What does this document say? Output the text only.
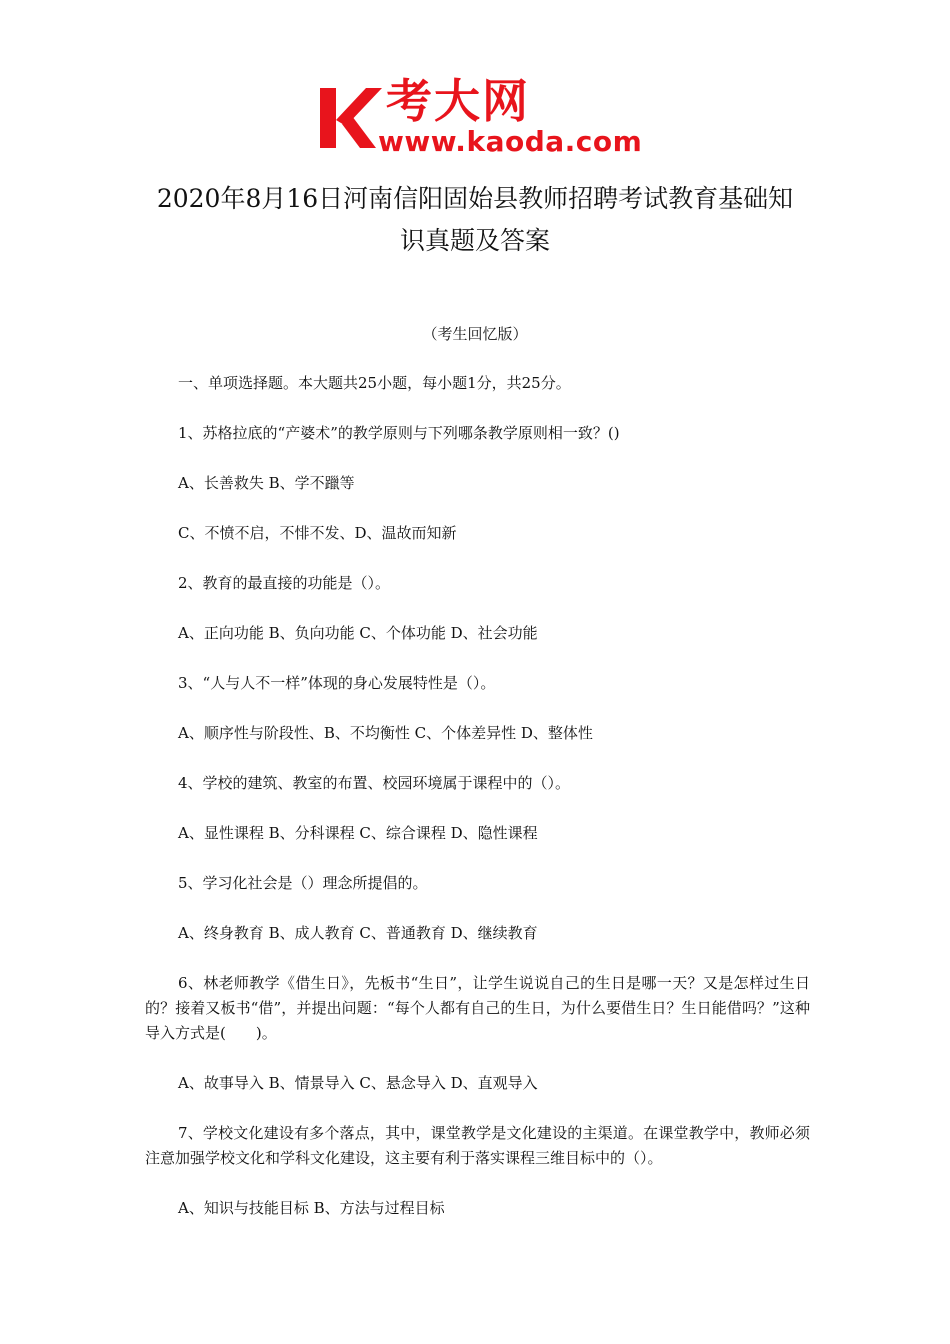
考大网
www.kaoda.com
2020年8月16日河南信阳固始县教师招聘考试教育基础知
识真题及答案
（考生回忆版）

一、单项选择题。本大题共25小题，每小题1分，共25分。

1、苏格拉底的“产婆术”的教学原则与下列哪条教学原则相一致？()

A、长善救失 B、学不躐等

C、不愤不启，不悱不发、D、温故而知新

2、教育的最直接的功能是（）。

A、正向功能 B、负向功能 C、个体功能 D、社会功能

3、“人与人不一样”体现的身心发展特性是（）。

A、顺序性与阶段性、B、不均衡性 C、个体差异性 D、整体性

4、学校的建筑、教室的布置、校园环境属于课程中的（）。

A、显性课程 B、分科课程 C、综合课程 D、隐性课程

5、学习化社会是（）理念所提倡的。

A、终身教育 B、成人教育 C、普通教育 D、继续教育

6、林老师教学《借生日》，先板书“生日”，让学生说说自己的生日是哪一天？又是怎样过生日的？接着又板书“借”，并提出问题：“每个人都有自己的生日，为什么要借生日？生日能借吗？”这种导入方式是(　　)。

A、故事导入 B、情景导入 C、悬念导入 D、直观导入

7、学校文化建设有多个落点，其中，课堂教学是文化建设的主渠道。在课堂教学中，教师必须注意加强学校文化和学科文化建设，这主要有利于落实课程三维目标中的（）。

A、知识与技能目标 B、方法与过程目标
